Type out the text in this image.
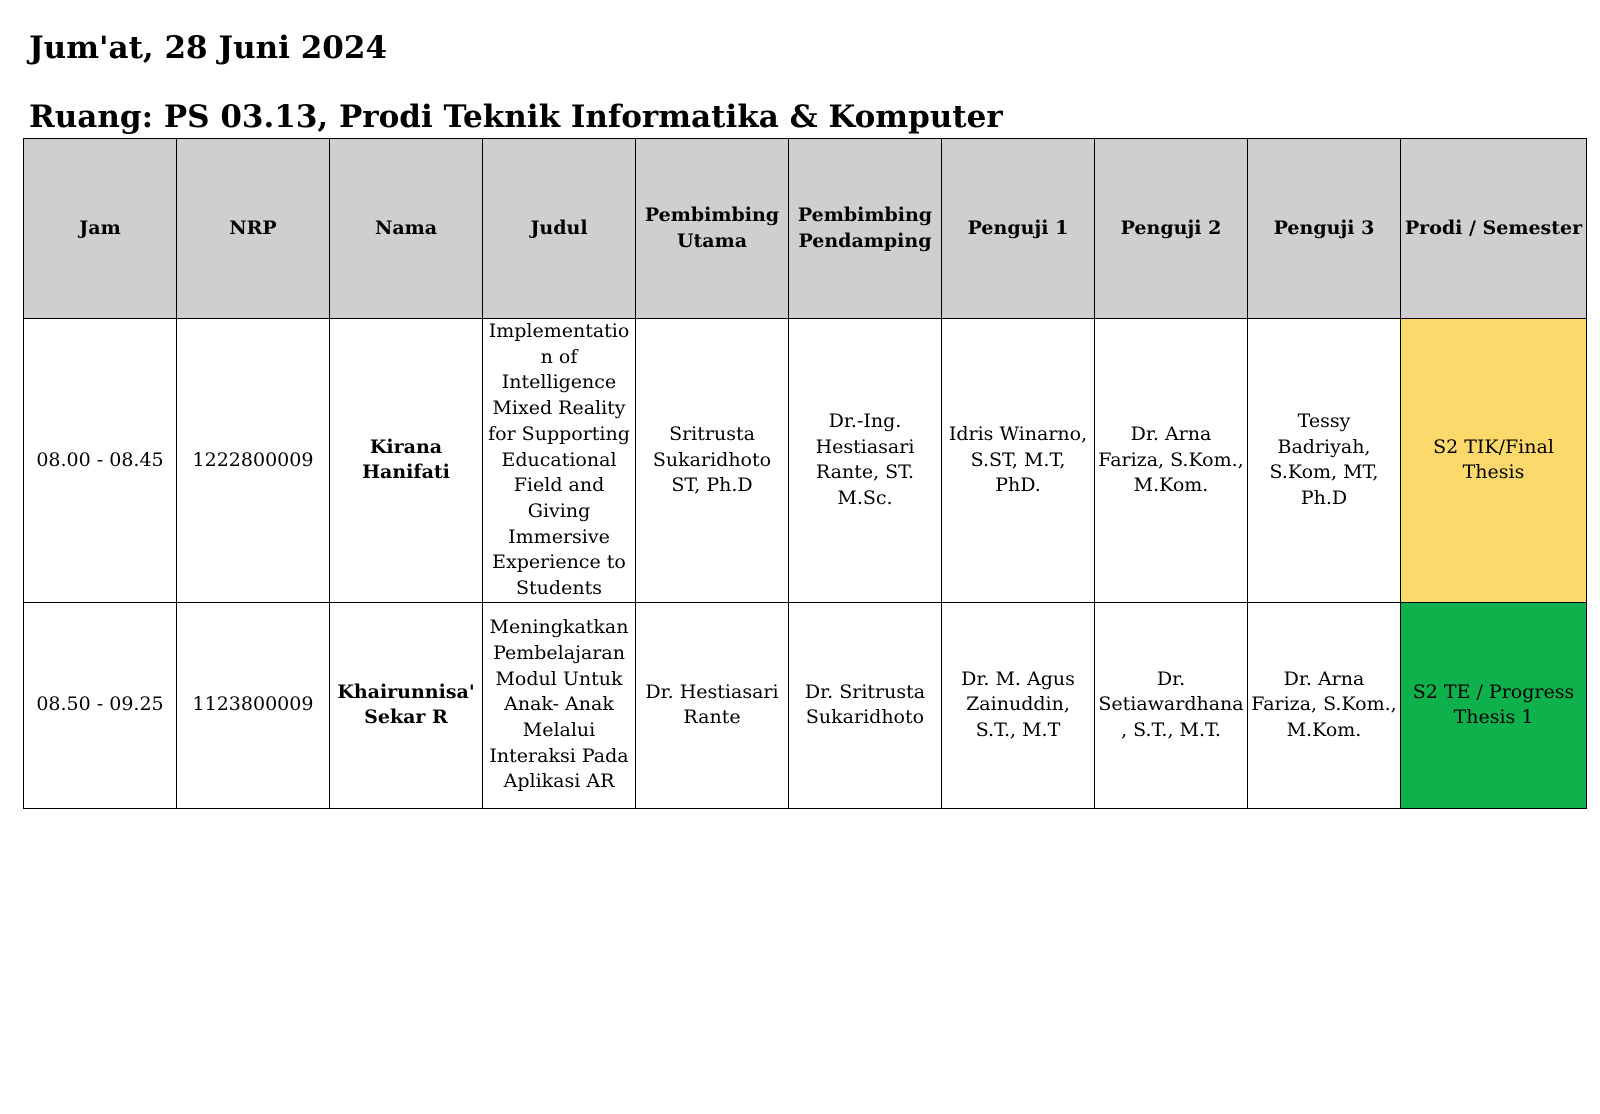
Jum'at, 28 Juni 2024
Ruang: PS 03.13, Prodi Teknik Informatika & Komputer
Jam	NRP	Nama	Judul	Pembimbing Utama	Pembimbing Pendamping	Penguji 1	Penguji 2	Penguji 3	Prodi / Semester
08.00 - 08.45	1222800009	Kirana Hanifati	Implementation of Intelligence Mixed Reality for Supporting Educational Field and Giving Immersive Experience to Students	Sritrusta Sukaridhoto ST, Ph.D	Dr.-Ing. Hestiasari Rante, ST. M.Sc.	Idris Winarno, S.ST, M.T, PhD.	Dr. Arna Fariza, S.Kom., M.Kom.	Tessy Badriyah, S.Kom, MT, Ph.D	S2 TIK/Final Thesis
08.50 - 09.25	1123800009	Khairunnisa' Sekar R	Meningkatkan Pembelajaran Modul Untuk Anak- Anak Melalui Interaksi Pada Aplikasi AR	Dr. Hestiasari Rante	Dr. Sritrusta Sukaridhoto	Dr. M. Agus Zainuddin, S.T., M.T	Dr. Setiawardhana, S.T., M.T.	Dr. Arna Fariza, S.Kom., M.Kom.	S2 TE / Progress Thesis 1
